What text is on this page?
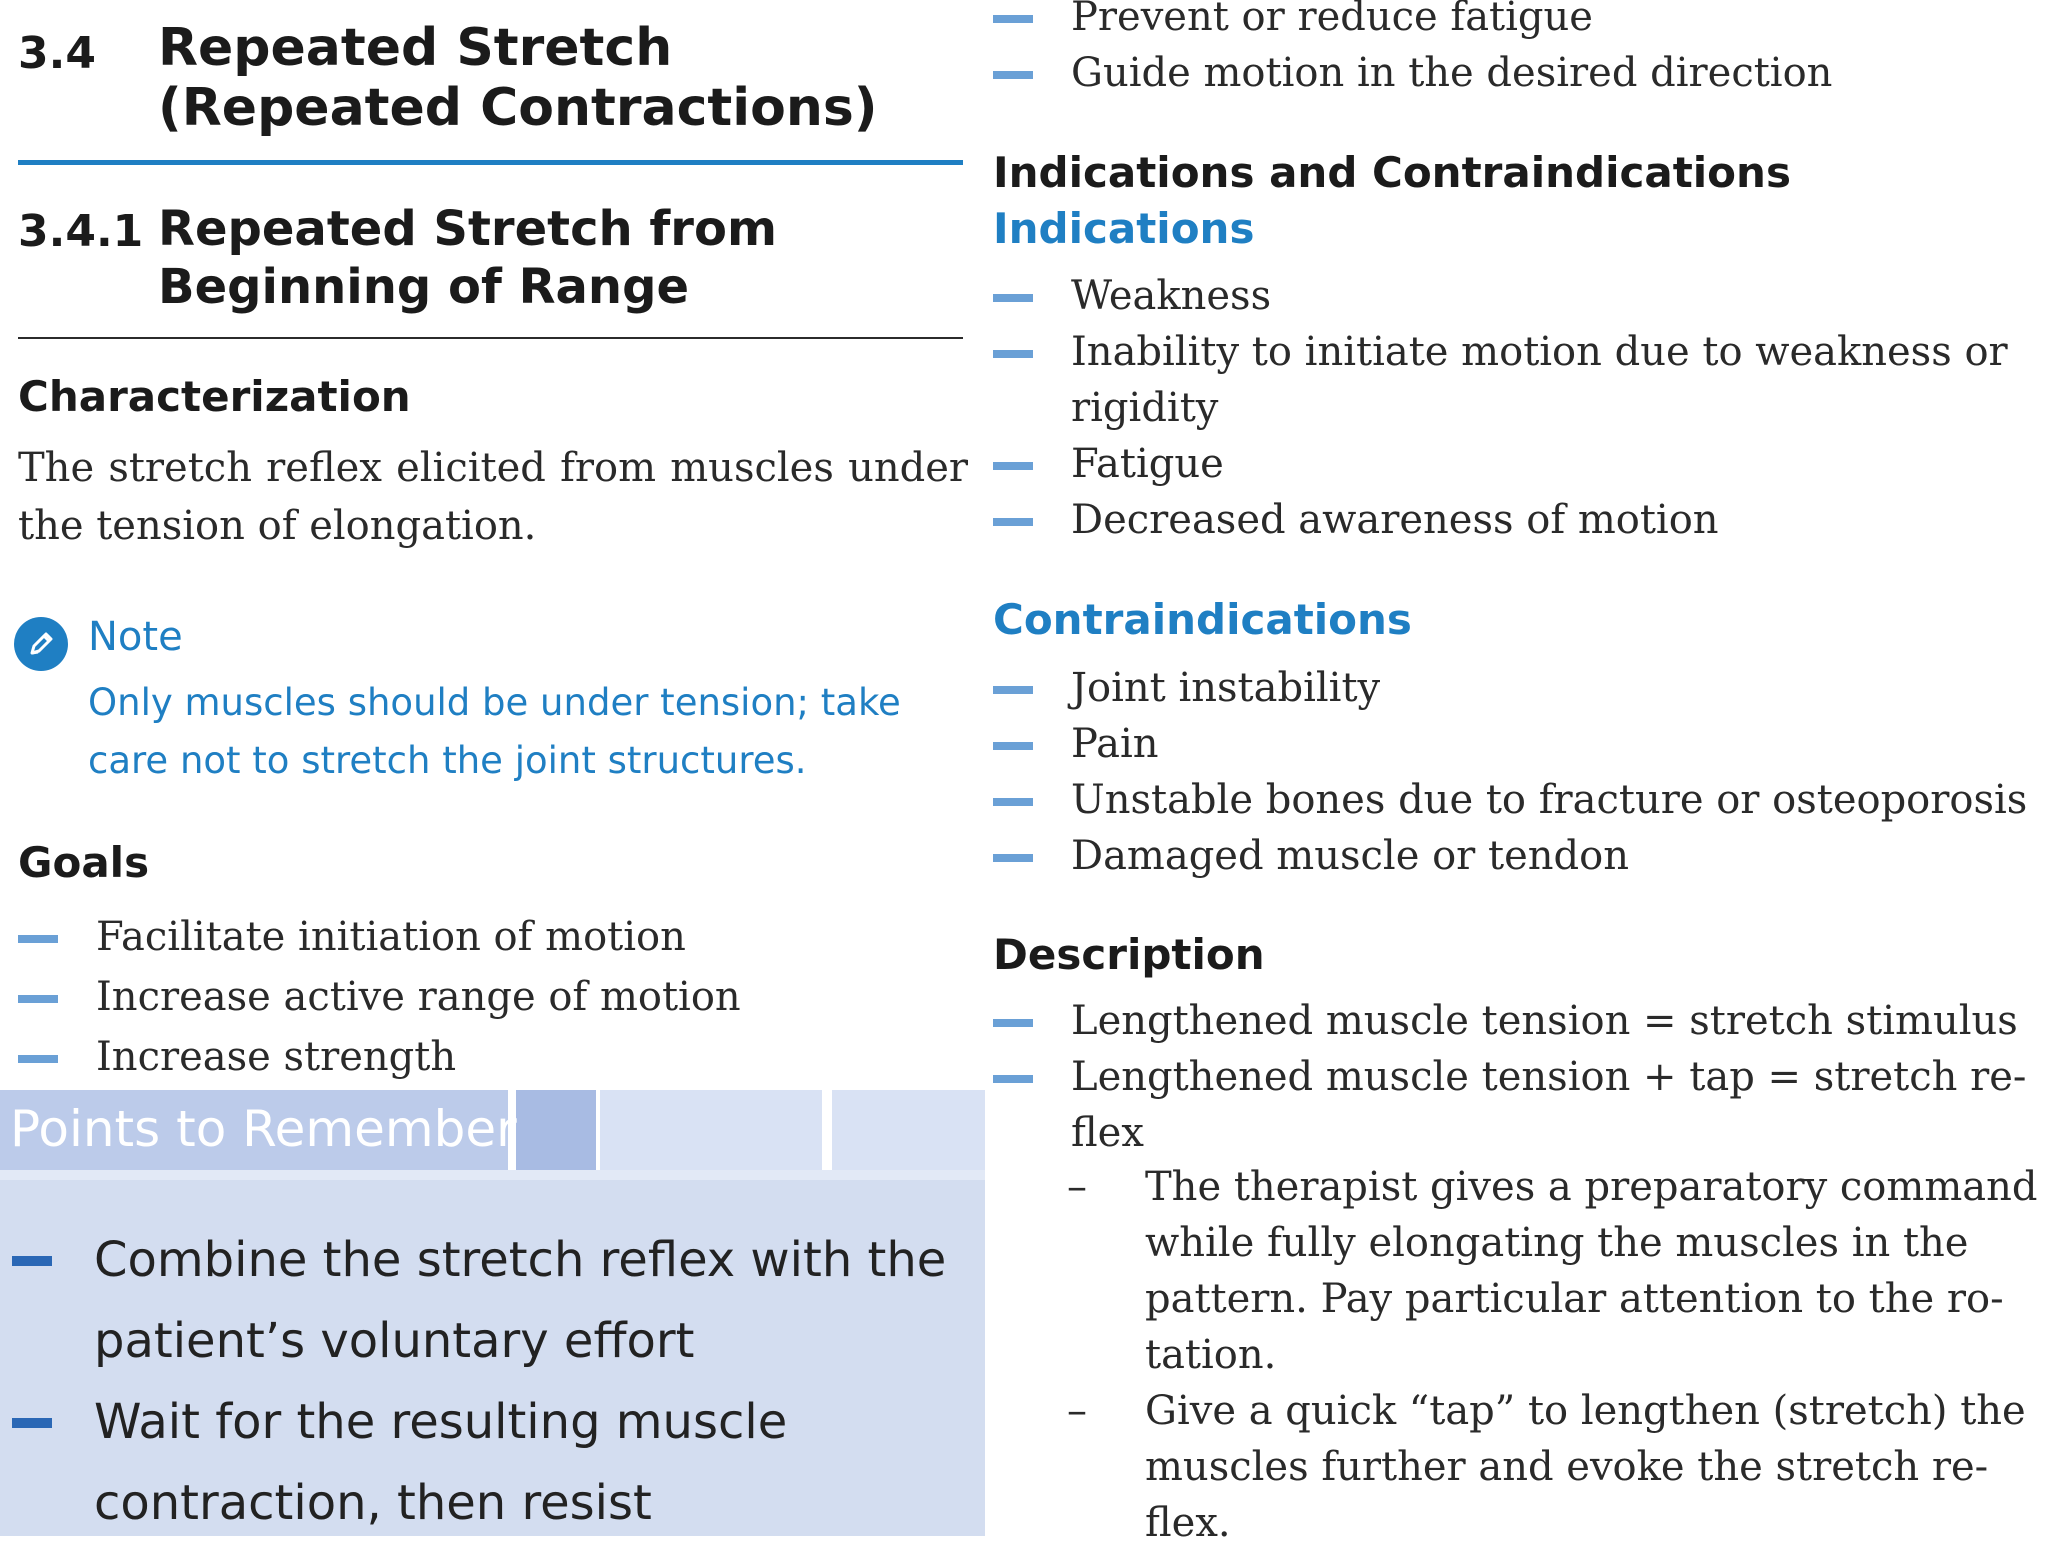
3.4 Repeated Stretch (Repeated Contractions)
3.4.1 Repeated Stretch from Beginning of Range
Characterization
The stretch reflex elicited from muscles under the tension of elongation.
Note
Only muscles should be under tension; take care not to stretch the joint structures.
Goals
Facilitate initiation of motion
Increase active range of motion
Increase strength
Points to Remember
Combine the stretch reflex with the patient’s voluntary effort
Wait for the resulting muscle contraction, then resist
Prevent or reduce fatigue
Guide motion in the desired direction
Indications and Contraindications
Indications
Weakness
Inability to initiate motion due to weakness or rigidity
Fatigue
Decreased awareness of motion
Contraindications
Joint instability
Pain
Unstable bones due to fracture or osteoporosis
Damaged muscle or tendon
Description
Lengthened muscle tension = stretch stimulus
Lengthened muscle tension + tap = stretch re- flex
–	The therapist gives a preparatory command while fully elongating the muscles in the pattern. Pay particular attention to the ro- tation.
–	Give a quick “tap” to lengthen (stretch) the muscles further and evoke the stretch re- flex.
